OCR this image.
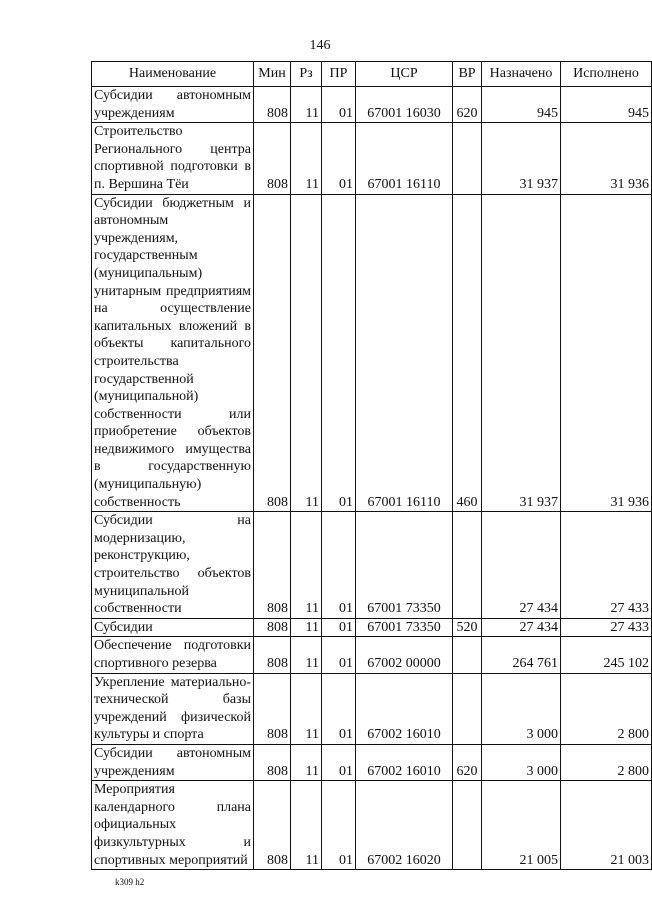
146
Наименование	Мин	Рз	ПР	ЦСР	ВР	Назначено	Исполнено
Субсидии автономным учреждениям	808	11	01	67001 16030	620	945	945
Строительство Регионального центра спортивной подготовки в п. Вершина Тёи	808	11	01	67001 16110		31 937	31 936
Субсидии бюджетным и автономным учреждениям, государственным (муниципальным) унитарным предприятиям на осуществление капитальных вложений в объекты капитального строительства государственной (муниципальной) собственности или приобретение объектов недвижимого имущества в государственную (муниципальную) собственность	808	11	01	67001 16110	460	31 937	31 936
Субсидии на модернизацию, реконструкцию, строительство объектов муниципальной собственности	808	11	01	67001 73350		27 434	27 433
Субсидии	808	11	01	67001 73350	520	27 434	27 433
Обеспечение подготовки спортивного резерва	808	11	01	67002 00000		264 761	245 102
Укрепление материально-технической базы учреждений физической культуры и спорта	808	11	01	67002 16010		3 000	2 800
Субсидии автономным учреждениям	808	11	01	67002 16010	620	3 000	2 800
Мероприятия календарного плана официальных физкультурных и спортивных мероприятий	808	11	01	67002 16020		21 005	21 003
k309 h2
